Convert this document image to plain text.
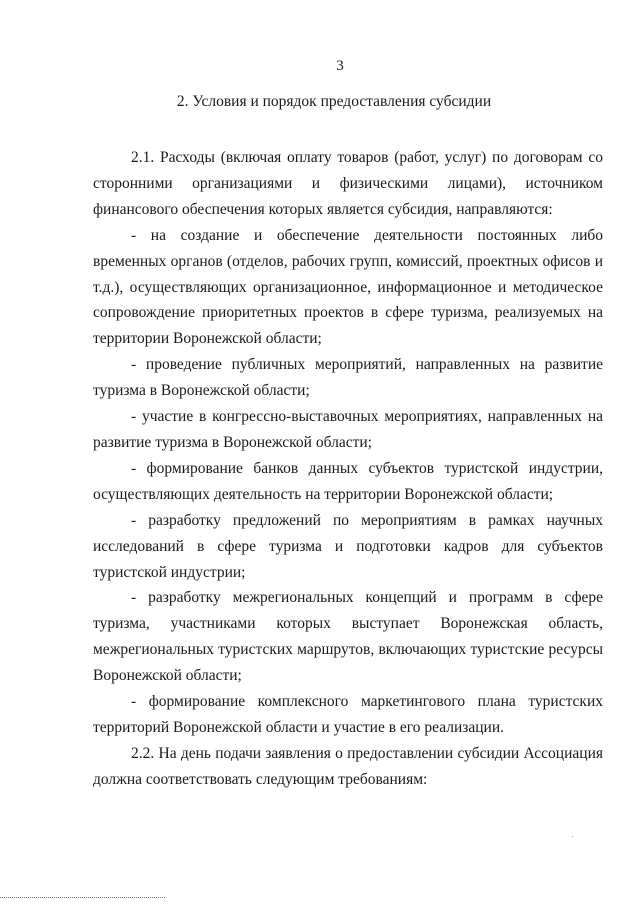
3
2. Условия и порядок предоставления субсидии

2.1. Расходы (включая оплату товаров (работ, услуг) по договорам со сторонними организациями и физическими лицами), источником финансового обеспечения которых является субсидия, направляются:

- на создание и обеспечение деятельности постоянных либо временных органов (отделов, рабочих групп, комиссий, проектных офисов и т.д.), осуществляющих организационное, информационное и методическое сопровождение приоритетных проектов в сфере туризма, реализуемых на территории Воронежской области;

- проведение публичных мероприятий, направленных на развитие туризма в Воронежской области;

- участие в конгрессно-выставочных мероприятиях, направленных на развитие туризма в Воронежской области;

- формирование банков данных субъектов туристской индустрии, осуществляющих деятельность на территории Воронежской области;

- разработку предложений по мероприятиям в рамках научных исследований в сфере туризма и подготовки кадров для субъектов туристской индустрии;

- разработку межрегиональных концепций и программ в сфере туризма, участниками которых выступает Воронежская область, межрегиональных туристских маршрутов, включающих туристские ресурсы Воронежской области;

- формирование комплексного маркетингового плана туристских территорий Воронежской области и участие в его реализации.

2.2. На день подачи заявления о предоставлении субсидии Ассоциация должна соответствовать следующим требованиям:
